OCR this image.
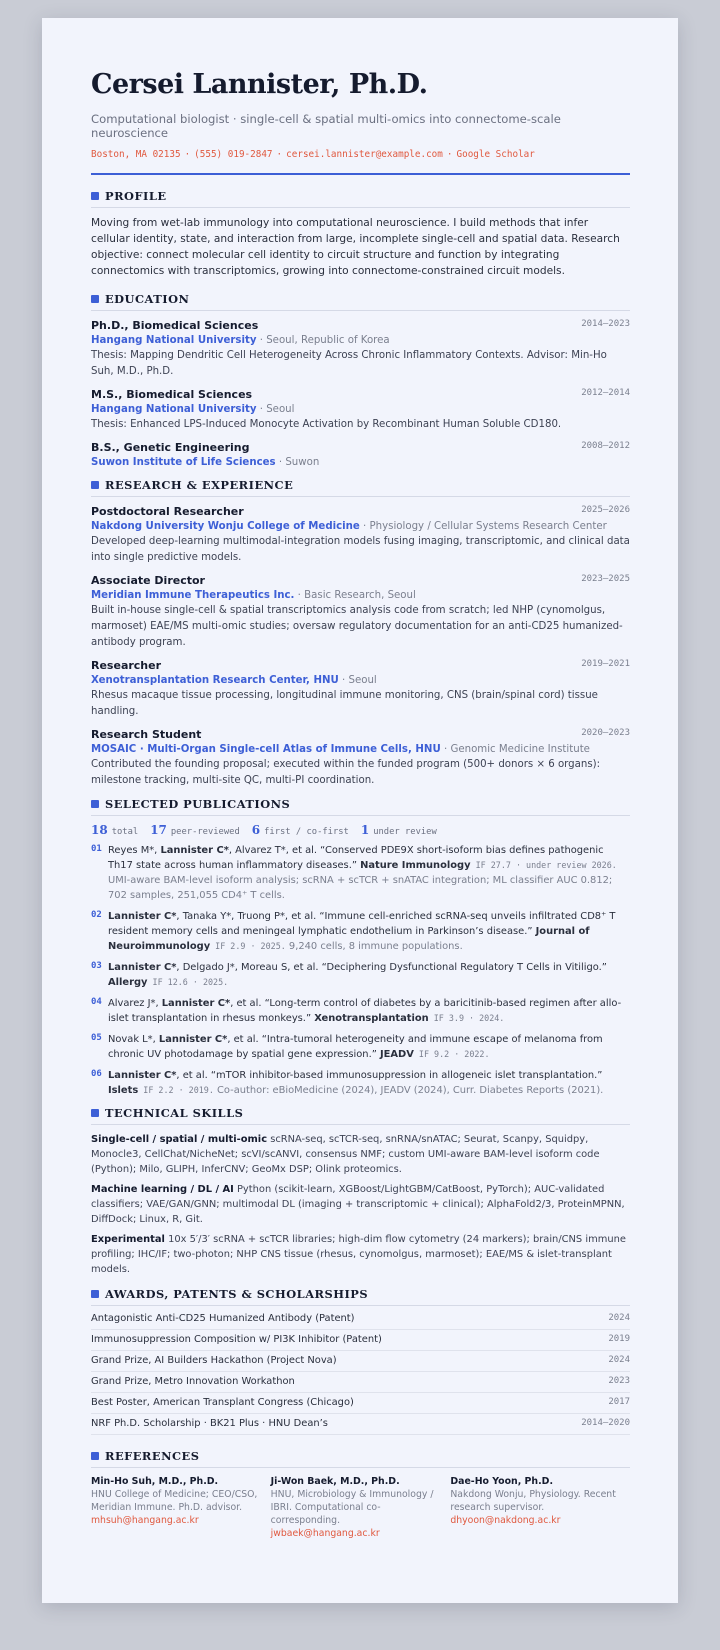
Cersei Lannister, Ph.D.
Computational biologist · single-cell & spatial multi-omics into connectome-scale neuroscience
Boston, MA 02135 · (555) 019-2847 · cersei.lannister@example.com · Google Scholar
PROFILE
Moving from wet-lab immunology into computational neuroscience. I build methods that infer cellular identity, state, and interaction from large, incomplete single-cell and spatial data. Research objective: connect molecular cell identity to circuit structure and function by integrating connectomics with transcriptomics, growing into connectome-constrained circuit models.
EDUCATION
Ph.D., Biomedical Sciences	2014–2023
Hangang National University · Seoul, Republic of Korea
Thesis: Mapping Dendritic Cell Heterogeneity Across Chronic Inflammatory Contexts. Advisor: Min-Ho Suh, M.D., Ph.D.
M.S., Biomedical Sciences	2012–2014
Hangang National University · Seoul
Thesis: Enhanced LPS-Induced Monocyte Activation by Recombinant Human Soluble CD180.
B.S., Genetic Engineering	2008–2012
Suwon Institute of Life Sciences · Suwon
RESEARCH & EXPERIENCE
Postdoctoral Researcher	2025–2026
Nakdong University Wonju College of Medicine · Physiology / Cellular Systems Research Center
Developed deep-learning multimodal-integration models fusing imaging, transcriptomic, and clinical data into single predictive models.
Associate Director	2023–2025
Meridian Immune Therapeutics Inc. · Basic Research, Seoul
Built in-house single-cell & spatial transcriptomics analysis code from scratch; led NHP (cynomolgus, marmoset) EAE/MS multi-omic studies; oversaw regulatory documentation for an anti-CD25 humanized-antibody program.
Researcher	2019–2021
Xenotransplantation Research Center, HNU · Seoul
Rhesus macaque tissue processing, longitudinal immune monitoring, CNS (brain/spinal cord) tissue handling.
Research Student	2020–2023
MOSAIC · Multi-Organ Single-cell Atlas of Immune Cells, HNU · Genomic Medicine Institute
Contributed the founding proposal; executed within the funded program (500+ donors × 6 organs): milestone tracking, multi-site QC, multi-PI coordination.
SELECTED PUBLICATIONS
18 total 17 peer-reviewed 6 first / co-first 1 under review
01 Reyes M*, Lannister C*, Alvarez T*, et al. “Conserved PDE9X short-isoform bias defines pathogenic Th17 state across human inflammatory diseases.” Nature Immunology IF 27.7 · under review 2026. UMI-aware BAM-level isoform analysis; scRNA + scTCR + snATAC integration; ML classifier AUC 0.812; 702 samples, 251,055 CD4⁺ T cells.
02 Lannister C*, Tanaka Y*, Truong P*, et al. “Immune cell-enriched scRNA-seq unveils infiltrated CD8⁺ T resident memory cells and meningeal lymphatic endothelium in Parkinson’s disease.” Journal of Neuroimmunology IF 2.9 · 2025. 9,240 cells, 8 immune populations.
03 Lannister C*, Delgado J*, Moreau S, et al. “Deciphering Dysfunctional Regulatory T Cells in Vitiligo.” Allergy IF 12.6 · 2025.
04 Alvarez J*, Lannister C*, et al. “Long-term control of diabetes by a baricitinib-based regimen after allo-islet transplantation in rhesus monkeys.” Xenotransplantation IF 3.9 · 2024.
05 Novak L*, Lannister C*, et al. “Intra-tumoral heterogeneity and immune escape of melanoma from chronic UV photodamage by spatial gene expression.” JEADV IF 9.2 · 2022.
06 Lannister C*, et al. “mTOR inhibitor-based immunosuppression in allogeneic islet transplantation.” Islets IF 2.2 · 2019. Co-author: eBioMedicine (2024), JEADV (2024), Curr. Diabetes Reports (2021).
TECHNICAL SKILLS
Single-cell / spatial / multi-omic scRNA-seq, scTCR-seq, snRNA/snATAC; Seurat, Scanpy, Squidpy, Monocle3, CellChat/NicheNet; scVI/scANVI, consensus NMF; custom UMI-aware BAM-level isoform code (Python); Milo, GLIPH, InferCNV; GeoMx DSP; Olink proteomics.
Machine learning / DL / AI Python (scikit-learn, XGBoost/LightGBM/CatBoost, PyTorch); AUC-validated classifiers; VAE/GAN/GNN; multimodal DL (imaging + transcriptomic + clinical); AlphaFold2/3, ProteinMPNN, DiffDock; Linux, R, Git.
Experimental 10x 5′/3′ scRNA + scTCR libraries; high-dim flow cytometry (24 markers); brain/CNS immune profiling; IHC/IF; two-photon; NHP CNS tissue (rhesus, cynomolgus, marmoset); EAE/MS & islet-transplant models.
AWARDS, PATENTS & SCHOLARSHIPS
Antagonistic Anti-CD25 Humanized Antibody (Patent)	2024
Immunosuppression Composition w/ PI3K Inhibitor (Patent)	2019
Grand Prize, AI Builders Hackathon (Project Nova)	2024
Grand Prize, Metro Innovation Workathon	2023
Best Poster, American Transplant Congress (Chicago)	2017
NRF Ph.D. Scholarship · BK21 Plus · HNU Dean’s	2014–2020
REFERENCES
Min-Ho Suh, M.D., Ph.D.
HNU College of Medicine; CEO/CSO, Meridian Immune. Ph.D. advisor.
mhsuh@hangang.ac.kr
Ji-Won Baek, M.D., Ph.D.
HNU, Microbiology & Immunology / IBRI. Computational co-corresponding.
jwbaek@hangang.ac.kr
Dae-Ho Yoon, Ph.D.
Nakdong Wonju, Physiology. Recent research supervisor.
dhyoon@nakdong.ac.kr
